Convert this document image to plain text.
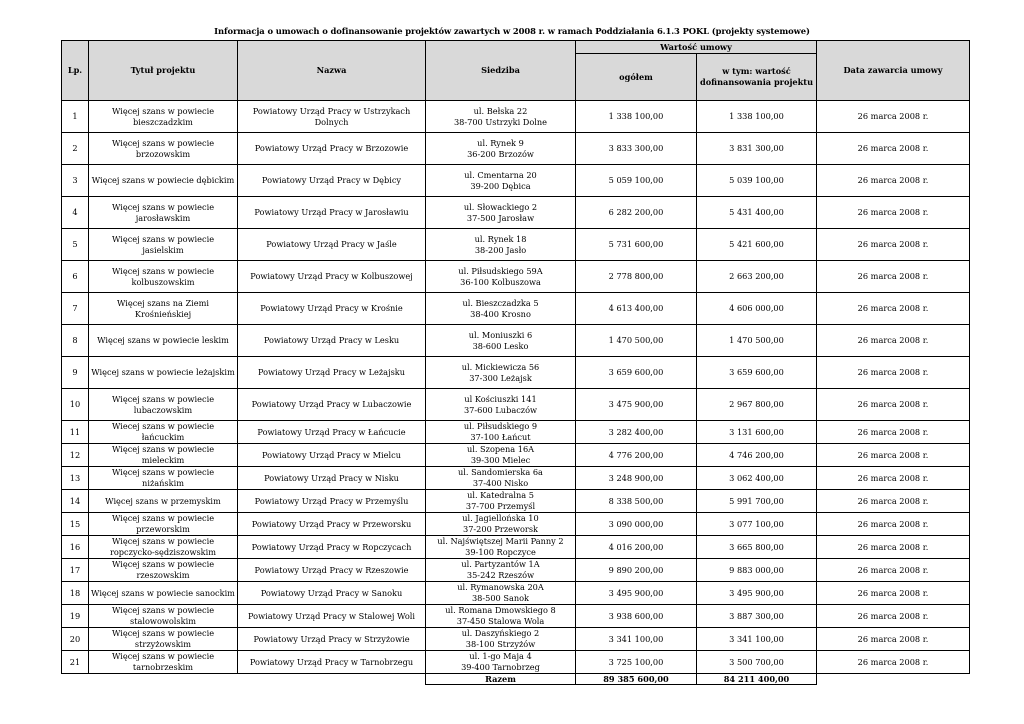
Informacja o umowach o dofinansowanie projektów zawartych w 2008 r. w ramach Poddziałania 6.1.3 POKL (projekty systemowe)
Lp.	Tytuł projektu	Nazwa	Siedziba	Wartość umowy		Data zawarcia umowy
				ogółem	w tym: wartość dofinansowania projektu	
1	Więcej szans w powiecie bieszczadzkim	Powiatowy Urząd Pracy w Ustrzykach Dolnych	ul. Bełska 22
38-700 Ustrzyki Dolne	1 338 100,00	1 338 100,00	26 marca 2008 r.
2	Więcej szans w powiecie brzozowskim	Powiatowy Urząd Pracy w Brzozowie	ul. Rynek 9
36-200 Brzozów	3 833 300,00	3 831 300,00	26 marca 2008 r.
3	Więcej szans w powiecie dębickim	Powiatowy Urząd Pracy w Dębicy	ul. Cmentarna 20
39-200 Dębica	5 059 100,00	5 039 100,00	26 marca 2008 r.
4	Więcej szans w powiecie jarosławskim	Powiatowy Urząd Pracy w Jarosławiu	ul. Słowackiego 2
37-500 Jarosław	6 282 200,00	5 431 400,00	26 marca 2008 r.
5	Więcej szans w powiecie jasielskim	Powiatowy Urząd Pracy w Jaśle	ul. Rynek 18
38-200 Jasło	5 731 600,00	5 421 600,00	26 marca 2008 r.
6	Więcej szans w powiecie kolbuszowskim	Powiatowy Urząd Pracy w Kolbuszowej	ul. Piłsudskiego 59A
36-100 Kolbuszowa	2 778 800,00	2 663 200,00	26 marca 2008 r.
7	Więcej szans na Ziemi Krośnieńskiej	Powiatowy Urząd Pracy w Krośnie	ul. Bieszczadzka 5
38-400 Krosno	4 613 400,00	4 606 000,00	26 marca 2008 r.
8	Więcej szans w powiecie leskim	Powiatowy Urząd Pracy w Lesku	ul. Moniuszki 6
38-600 Lesko	1 470 500,00	1 470 500,00	26 marca 2008 r.
9	Więcej szans w powiecie leżajskim	Powiatowy Urząd Pracy w Leżajsku	ul. Mickiewicza 56
37-300 Leżajsk	3 659 600,00	3 659 600,00	26 marca 2008 r.
10	Więcej szans w powiecie lubaczowskim	Powiatowy Urząd Pracy w Lubaczowie	ul Kościuszki 141
37-600 Lubaczów	3 475 900,00	2 967 800,00	26 marca 2008 r.
11	Wiecej szans w powiecie łańcuckim	Powiatowy Urząd Pracy w Łańcucie	ul. Piłsudskiego 9
37-100 Łańcut	3 282 400,00	3 131 600,00	26 marca 2008 r.
12	Więcej szans w powiecie mieleckim	Powiatowy Urząd Pracy w Mielcu	ul. Szopena 16A
39-300 Mielec	4 776 200,00	4 746 200,00	26 marca 2008 r.
13	Więcej szans w powiecie niżańskim	Powiatowy Urząd Pracy w Nisku	ul. Sandomierska 6a
37-400 Nisko	3 248 900,00	3 062 400,00	26 marca 2008 r.
14	Więcej szans w przemyskim	Powiatowy Urząd Pracy w Przemyślu	ul. Katedralna 5
37-700 Przemyśl	8 338 500,00	5 991 700,00	26 marca 2008 r.
15	Więcej szans w powiecie przeworskim	Powiatowy Urząd Pracy w Przeworsku	ul. Jagiellońska 10
37-200 Przeworsk	3 090 000,00	3 077 100,00	26 marca 2008 r.
16	Więcej szans w powiecie ropczycko-sędziszowskim	Powiatowy Urząd Pracy w Ropczycach	ul. Najświętszej Marii Panny 2
39-100 Ropczyce	4 016 200,00	3 665 800,00	26 marca 2008 r.
17	Więcej szans w powiecie rzeszowskim	Powiatowy Urząd Pracy w Rzeszowie	ul. Partyzantów 1A
35-242 Rzeszów	9 890 200,00	9 883 000,00	26 marca 2008 r.
18	Więcej szans w powiecie sanockim	Powiatowy Urząd Pracy w Sanoku	ul. Rymanowska 20A
38-500 Sanok	3 495 900,00	3 495 900,00	26 marca 2008 r.
19	Więcej szans w powiecie stalowowolskim	Powiatowy Urząd Pracy w Stalowej Woli	ul. Romana Dmowskiego 8
37-450 Stalowa Wola	3 938 600,00	3 887 300,00	26 marca 2008 r.
20	Więcej szans w powiecie strzyżowskim	Powiatowy Urząd Pracy w Strzyżowie	ul. Daszyńskiego 2
38-100 Strzyżów	3 341 100,00	3 341 100,00	26 marca 2008 r.
21	Więcej szans w powiecie tarnobrzeskim	Powiatowy Urząd Pracy w Tarnobrzegu	ul. 1-go Maja 4
39-400 Tarnobrzeg	3 725 100,00	3 500 700,00	26 marca 2008 r.
			Razem	89 385 600,00	84 211 400,00	
